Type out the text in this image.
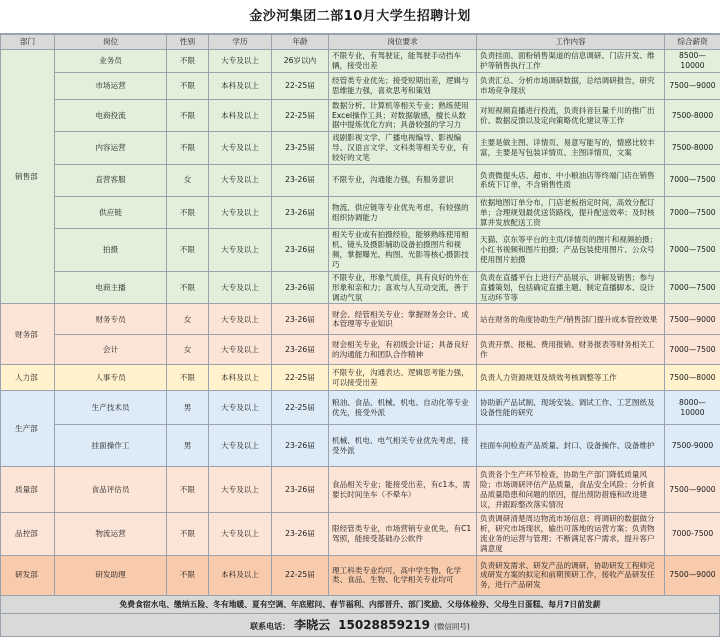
金沙河集团二部10月大学生招聘计划
部门	岗位	性别	学历	年龄	岗位要求	工作内容	综合薪资
销售部	业务员	不限	大专及以上	26岁以内	不限专业，有驾驶证，能驾驶手动挡车辆，接受出差	负责挂面、面粉销售渠道的信息调研、门店开发、维护等销售执行工作	8500—10000
	市场运营	不限	本科及以上	22-25届	经管类专业优先；接受短期出差，逻辑与思维能力强，喜欢思考和策划	负责汇总、分析市场调研数据，总结调研报告，研究市场竞争现状	7500—9000
	电商投流	不限	本科及以上	22-25届	数据分析、计算机等相关专业；熟练使用Excel操作工具；对数据敏感，擅长从数据中提炼优化方向；具备较强的学习力	对短视频直播进行投流，负责抖音巨量千川的推广出价、数据反馈以及定向策略优化建议等工作	7500-8000
	内容运营	不限	大专及以上	23-25届	戏剧影视文学、广播电视编导、影视编导、汉语言文学、文科类等相关专业，有较好的文笔	主要是做主图、详情页、易意写能写的，情感比较丰富，主要是写包装详情页、主图详情页，文案	7500-8000
	直营客服	女	大专及以上	23-26届	不限专业，沟通能力强，有服务意识	负责微提头店、超市、中小粮油店等终端门店在销售系统下订单，不含销售性质	7000—7500
	供应链	不限	大专及以上	23-26届	物流、供应链等专业优先考虑，有较强的组织协调能力	依据地图订单分布，门店老板指定时间，高效分配订单；合理规划最优送货路线，提升配送效率；及时核算并发放配送工资	7000—7500
	拍摄	不限	大专及以上	23-26届	相关专业或有拍摄经验，能够熟练使用相机、镜头及摄影辅助设备拍摄图片和视频，掌握曝光、构图、光影等核心摄影技巧	天猫、京东等平台的主页/详情页的图片和视频拍摄；小红书视频和图片拍摄；产品包装使用图片、公众号使用图片拍摄	7000—7500
	电商主播	不限	大专及以上	23-26届	不限专业，形象气质佳，具有良好的外在形象和亲和力；喜欢与人互动交流，善于调动气氛	负责在直播平台上进行产品展示、讲解及销售；参与直播策划，包括确定直播主题、制定直播脚本、设计互动环节等	7000—7500
财务部	财务专员	女	大专及以上	23-26届	财会、经管相关专业；掌握财务会计、成本管理等专业知识	站在财务的角度协助生产/销售部门提升成本管控效果	7500—9000
	会计	女	大专及以上	23-26届	财会相关专业，有初级会计证；具备良好的沟通能力和团队合作精神	负责开票、报税、费用报销、财务报表等财务相关工作	7000—7500
人力部	人事专员	不限	本科及以上	22-25届	不限专业，沟通表达、逻辑思考能力强，可以接受出差	负责人力资源规划及绩效考核调整等工作	7500—8000
生产部	生产技术员	男	大专及以上	22-25届	粮油、食品、机械、机电、自动化等专业优先，接受外派	协助新产品试制、现场安装、调试工作、工艺图纸及设备性能的研究	8000—10000
	挂面操作工	男	大专及以上	23-26届	机械、机电、电气相关专业优先考虑，接受外派	挂面车间检查产品质量、封口、设备操作、设备维护	7500-9000
质量部	食品评估员	不限	大专及以上	23-26届	食品相关专业；能接受出差，有c1本，需要长时间坐车（不晕车）	负责各个生产环节检查，协助生产部门降低质量风险；市场调研评估产品质量，食品安全风险；分析食品质量隐患和问题的原因，提出预防措施和改进建议，并跟踪整改落实情况	7500—9000
品控部	物流运营	不限	大专及以上	23-26届	限经管类专业，市场营销专业优先，有C1驾照，能接受基础办公软件	负责调研清楚周边物流市场信息；将调研的数据做分析，研究市场现状，输出可落地的运营方案；负责物流业务的运营与管理；不断满足客户需求，提升客户满意度	7000-7500
研发部	研发助理	不限	本科及以上	22-25届	理工科类专业均可，高中学生物、化学类、食品、生物、化学相关专业均可	负责研发需求、研发产品的调研，协助研发工程师完成研发方案的拟定和前期预研工作，接收产品研发任务，进行产品研发	7500—9000
免费食宿水电、缴纳五险、冬有地暖、夏有空调、年底慰问、春节福利、内部晋升、部门奖励、父母体检券、父母生日蛋糕、每月7日前发薪
联系电话： 李晓云 15028859219 (微信同号)
